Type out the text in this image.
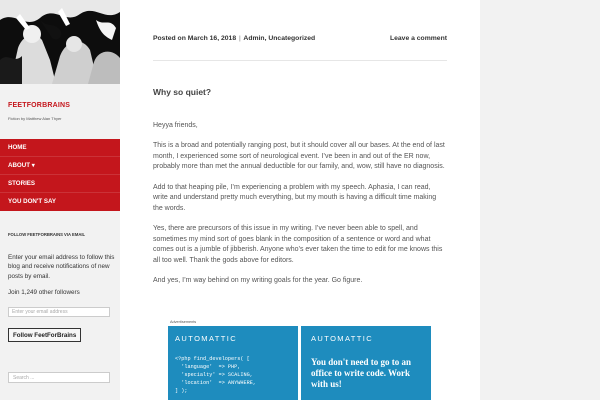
FEETFORBRAINS
Fiction by Matthew Alan Thyer
HOME
ABOUT ▾
STORIES
YOU DON'T SAY
FOLLOW FEETFORBRAINS VIA EMAIL
Enter your email address to follow this blog and receive notifications of new posts by email.
Join 1,249 other followers
Enter your email address
Follow FeetForBrains
Search ...
Posted on March 16, 2018 | Admin, Uncategorized	Leave a comment
Why so quiet?

Heyya friends,

This is a broad and potentially ranging post, but it should cover all our bases. At the end of last month, I experienced some sort of neurological event. I’ve been in and out of the ER now, probably more than met the annual deductible for our family, and, wow, still have no diagnosis.

Add to that heaping pile, I’m experiencing a problem with my speech. Aphasia, I can read, write and understand pretty much everything, but my mouth is having a difficult time making the words.

Yes, there are precursors of this issue in my writing. I’ve never been able to spell, and sometimes my mind sort of goes blank in the composition of a sentence or word and what comes out is a jumble of jibberish. Anyone who’s ever taken the time to edit for me knows this all too well. Thank the gods above for editors.

And yes, I’m way behind on my writing goals for the year. Go figure.

Advertisements
AUTOMATTIC
<?php find_developers( [
'language'  => PHP,
'specialty' => SCALING,
'location'  => ANYWHERE,
] );
AUTOMATTIC
You don't need to go to an office to write code. Work with us!
